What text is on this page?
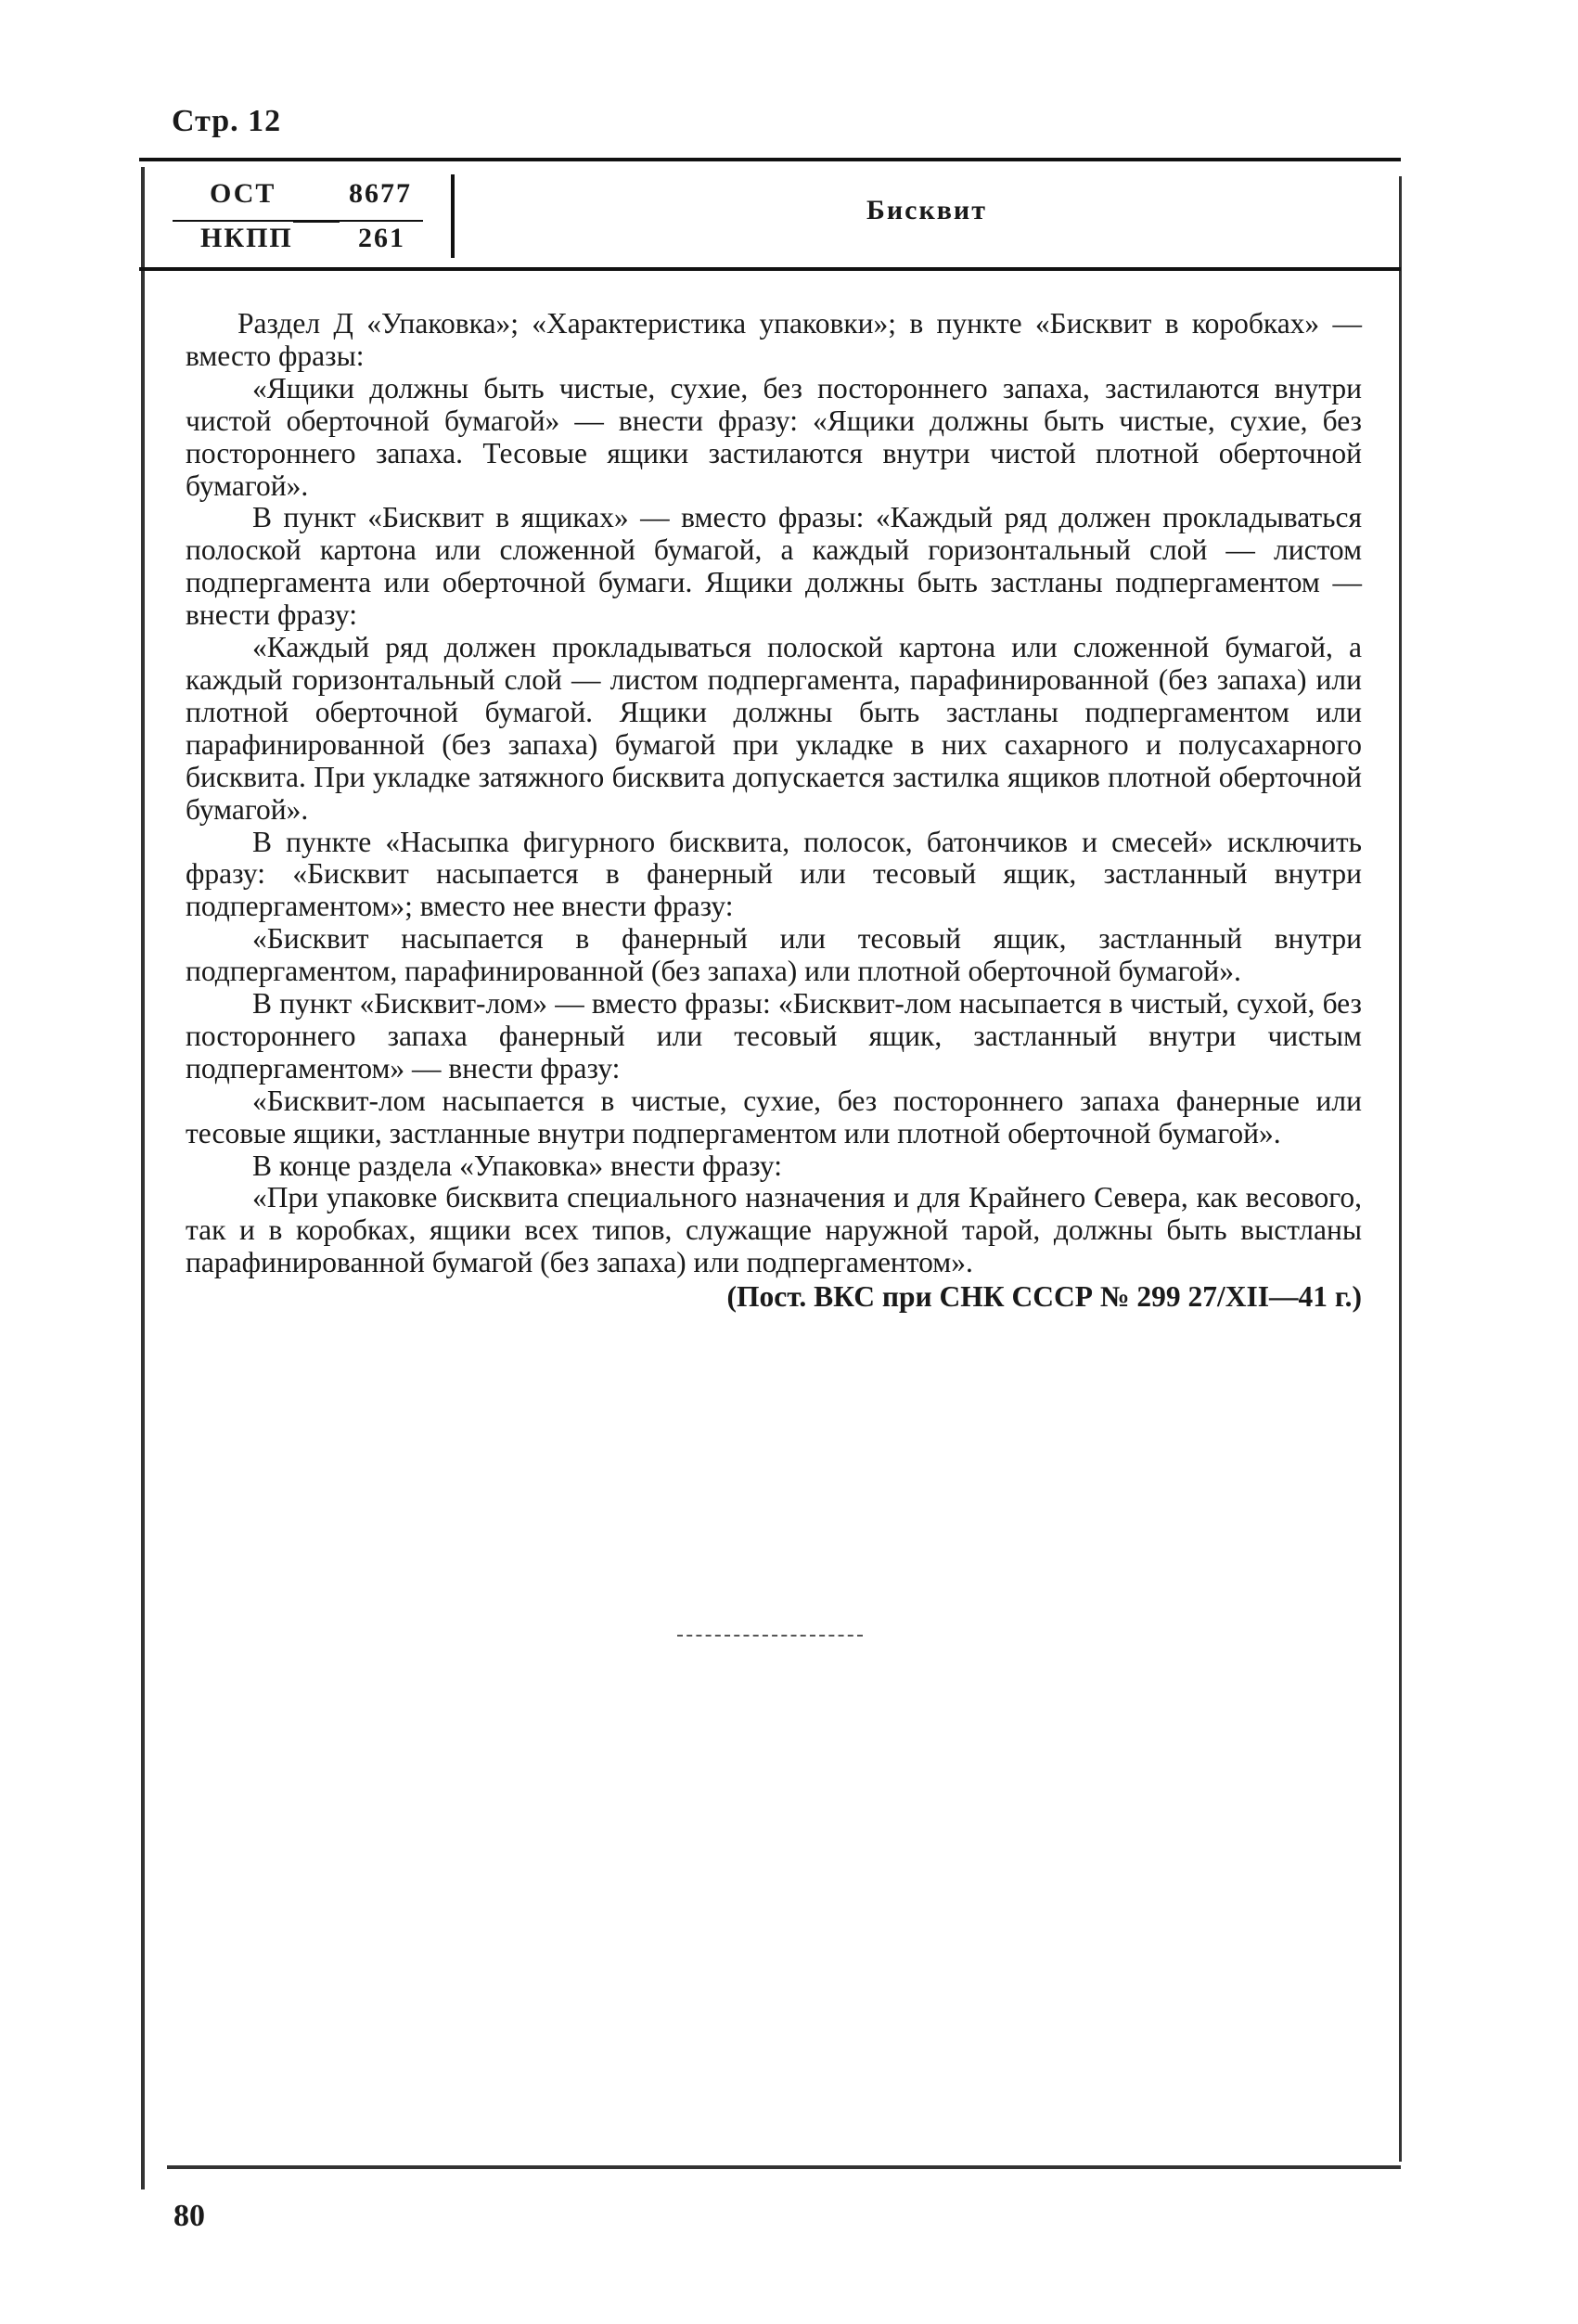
Стр. 12
ОСТ	8677
НКПП 261
Бисквит

Раздел Д «Упаковка»; «Характеристика упаковки»; в пункте «Бисквит в коробках» — вместо фразы:

«Ящики должны быть чистые, сухие, без постороннего запаха, застилаются внутри чистой оберточной бумагой» — внести фразу: «Ящики должны быть чистые, сухие, без постороннего запаха. Тесовые ящики застилаются внутри чистой плотной оберточной бумагой».

В пункт «Бисквит в ящиках» — вместо фразы: «Каждый ряд должен прокладываться полоской картона или сложенной бумагой, а каждый горизонтальный слой — листом подпергамента или оберточной бумаги. Ящики должны быть застланы подпергаментом — внести фразу:

«Каждый ряд должен прокладываться полоской картона или сложенной бумагой, а каждый горизонтальный слой — листом подпергамента, парафинированной (без запаха) или плотной оберточной бумагой. Ящики должны быть застланы подпергаментом или парафинированной (без запаха) бумагой при укладке в них сахарного и полусахарного бисквита. При укладке затяжного бисквита допускается застилка ящиков плотной оберточной бумагой».

В пункте «Насыпка фигурного бисквита, полосок, батончиков и смесей» исключить фразу: «Бисквит насыпается в фанерный или тесовый ящик, застланный внутри подпергаментом»; вместо нее внести фразу:

«Бисквит насыпается в фанерный или тесовый ящик, застланный внутри подпергаментом, парафинированной (без запаха) или плотной оберточной бумагой».

В пункт «Бисквит-лом» — вместо фразы: «Бисквит-лом насыпается в чистый, сухой, без постороннего запаха фанерный или тесовый ящик, застланный внутри чистым подпергаментом» — внести фразу:

«Бисквит-лом насыпается в чистые, сухие, без постороннего запаха фанерные или тесовые ящики, застланные внутри подпергаментом или плотной оберточной бумагой».

В конце раздела «Упаковка» внести фразу:

«При упаковке бисквита специального назначения и для Крайнего Севера, как весового, так и в коробках, ящики всех типов, служащие наружной тарой, должны быть выстланы парафинированной бумагой (без запаха) или подпергаментом».

(Пост. ВКС при СНК СССР № 299 27/XII—41 г.)

80
